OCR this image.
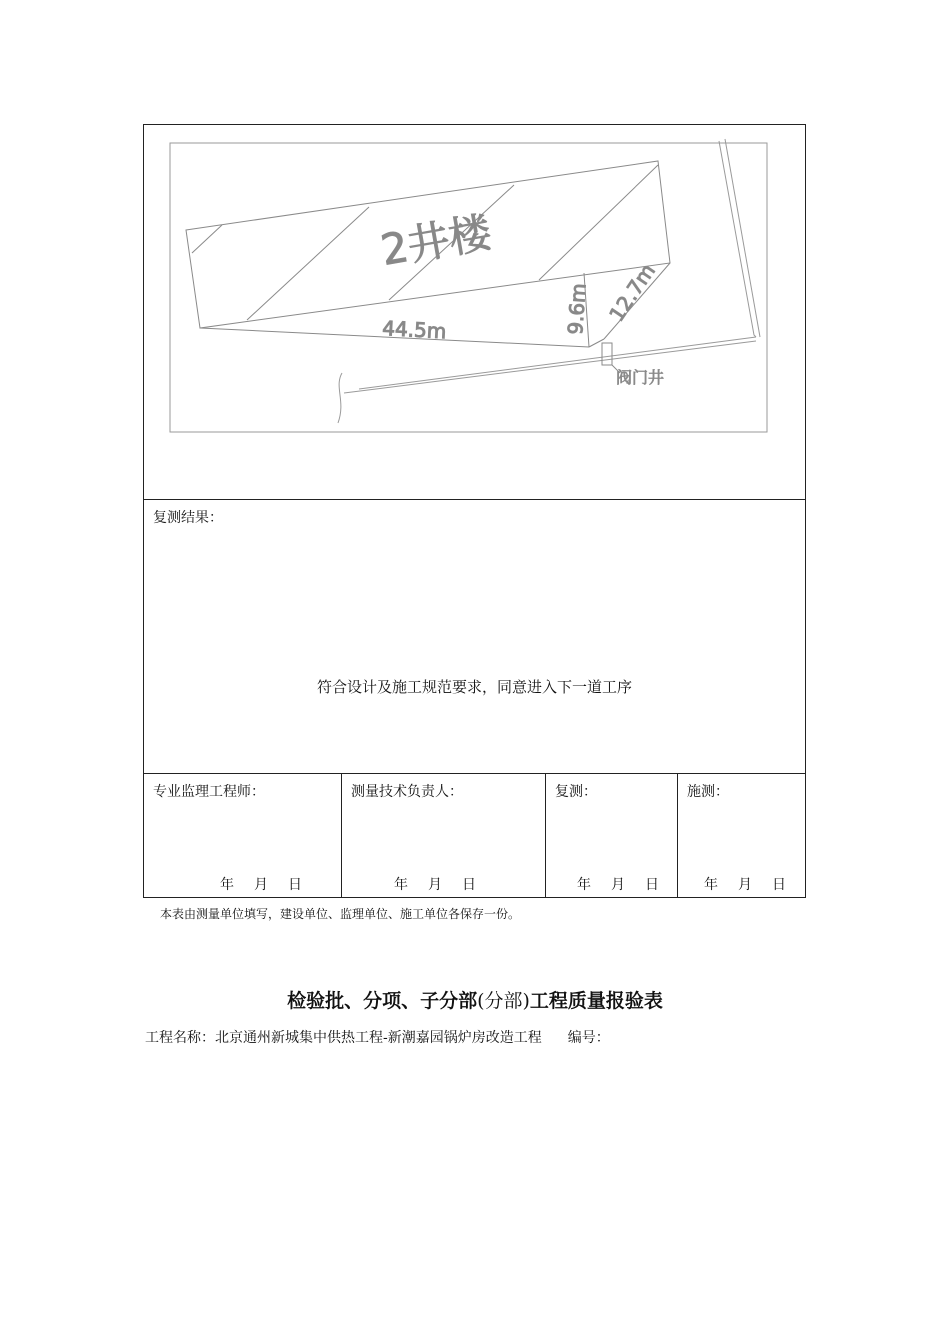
2井楼
44.5m	9.6m 12.7m
阀门井
复测结果：
符合设计及施工规范要求，同意进入下一道工序
专业监理工程师：
年 月 日
测量技术负责人：
年 月 日
复测：
年 月 日
施测：
年 月 日
本表由测量单位填写，建设单位、监理单位、施工单位各保存一份。
检验批、分项、子分部(分部)工程质量报验表
工程名称：北京通州新城集中供热工程-新潮嘉园锅炉房改造工程 编号：
